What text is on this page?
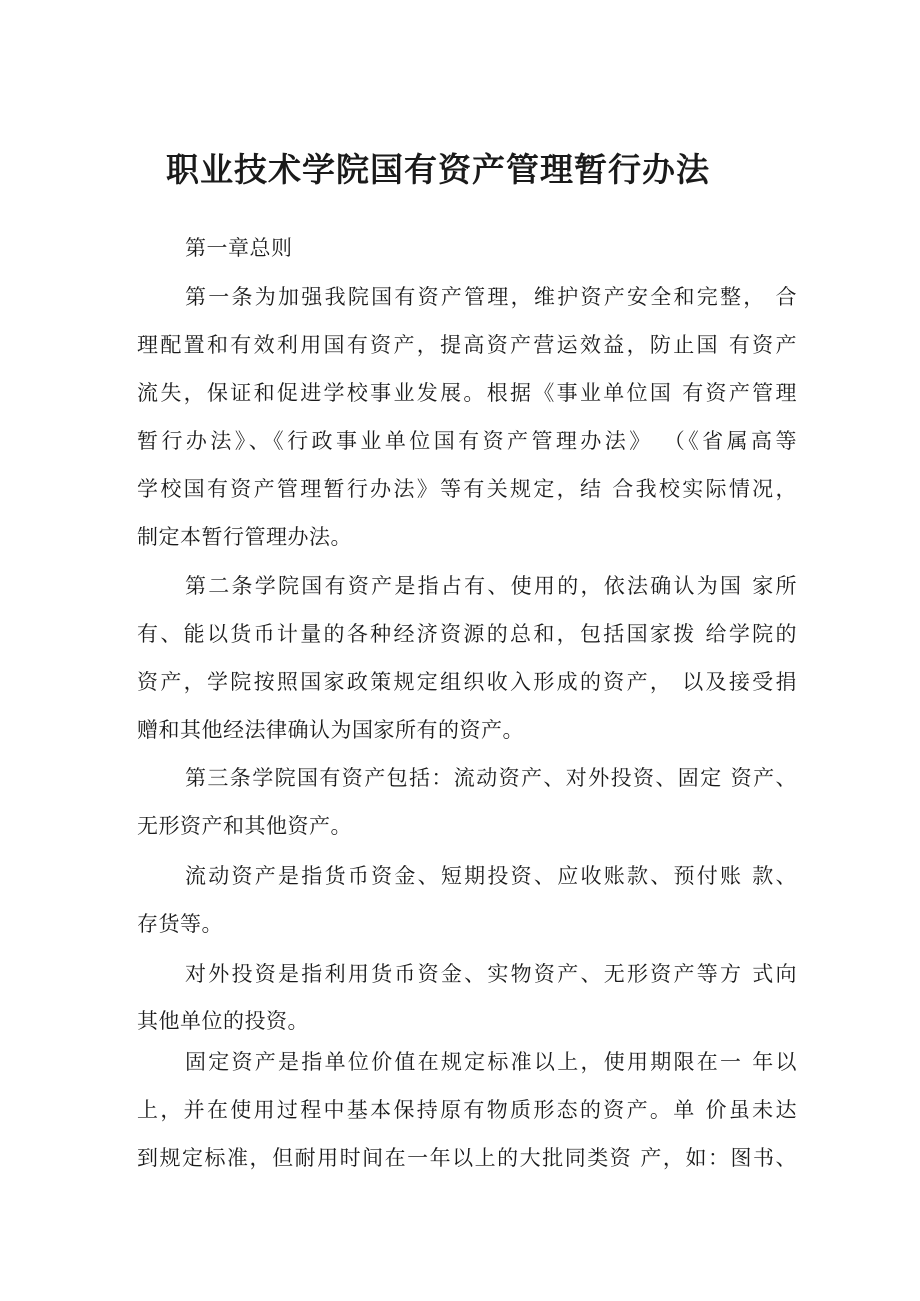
职业技术学院国有资产管理暂行办法
第一章总则
第一条为加强我院国有资产管理，维护资产安全和完整， 合
理配置和有效利用国有资产，提高资产营运效益，防止国 有资产
流失，保证和促进学校事业发展。根据《事业单位国 有资产管理
暂行办法》、《行政事业单位国有资产管理办法》 （《省属高等
学校国有资产管理暂行办法》等有关规定，结 合我校实际情况，
制定本暂行管理办法。
第二条学院国有资产是指占有、使用的，依法确认为国 家所
有、能以货币计量的各种经济资源的总和，包括国家拨 给学院的
资产，学院按照国家政策规定组织收入形成的资产， 以及接受捐
赠和其他经法律确认为国家所有的资产。
第三条学院国有资产包括：流动资产、对外投资、固定 资产、
无形资产和其他资产。
流动资产是指货币资金、短期投资、应收账款、预付账 款、
存货等。
对外投资是指利用货币资金、实物资产、无形资产等方 式向
其他单位的投资。
固定资产是指单位价值在规定标准以上，使用期限在一 年以
上，并在使用过程中基本保持原有物质形态的资产。单 价虽未达
到规定标准，但耐用时间在一年以上的大批同类资 产，如：图书、
